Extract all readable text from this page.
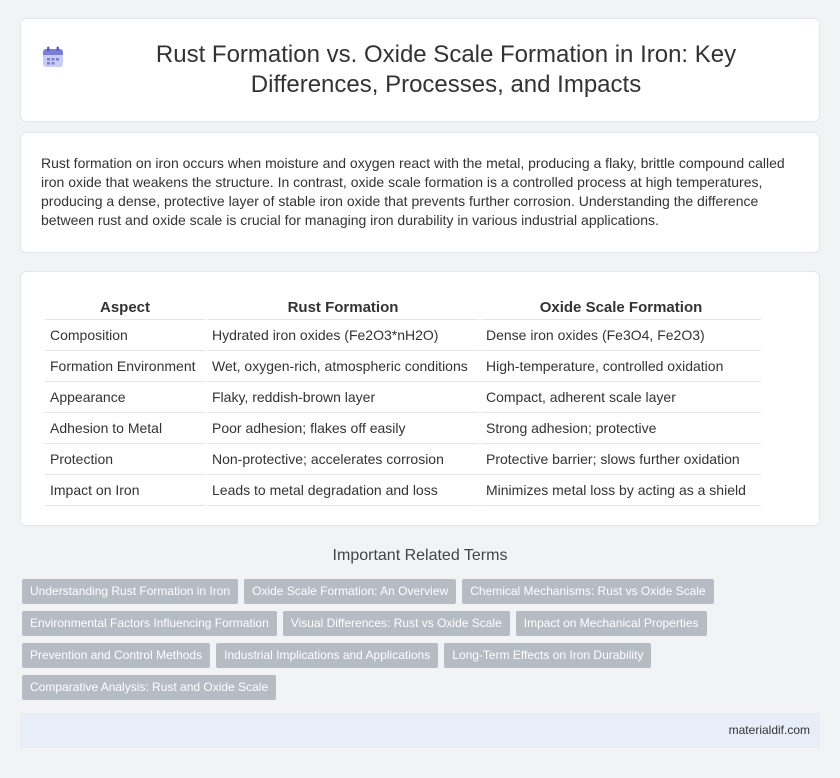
Rust Formation vs. Oxide Scale Formation in Iron: Key Differences, Processes, and Impacts

Rust formation on iron occurs when moisture and oxygen react with the metal, producing a flaky, brittle compound called iron oxide that weakens the structure. In contrast, oxide scale formation is a controlled process at high temperatures, producing a dense, protective layer of stable iron oxide that prevents further corrosion. Understanding the difference between rust and oxide scale is crucial for managing iron durability in various industrial applications.

Aspect	Rust Formation	Oxide Scale Formation
Composition	Hydrated iron oxides (Fe2O3*nH2O)	Dense iron oxides (Fe3O4, Fe2O3)
Formation Environment	Wet, oxygen-rich, atmospheric conditions	High-temperature, controlled oxidation
Appearance	Flaky, reddish-brown layer	Compact, adherent scale layer
Adhesion to Metal	Poor adhesion; flakes off easily	Strong adhesion; protective
Protection	Non-protective; accelerates corrosion	Protective barrier; slows further oxidation
Impact on Iron	Leads to metal degradation and loss	Minimizes metal loss by acting as a shield
Important Related Terms
Understanding Rust Formation in Iron	Oxide Scale Formation: An Overview	Chemical Mechanisms: Rust vs Oxide Scale
Environmental Factors Influencing Formation	Visual Differences: Rust vs Oxide Scale	Impact on Mechanical Properties
Prevention and Control Methods	Industrial Implications and Applications	Long-Term Effects on Iron Durability
Comparative Analysis: Rust and Oxide Scale
materialdif.com
